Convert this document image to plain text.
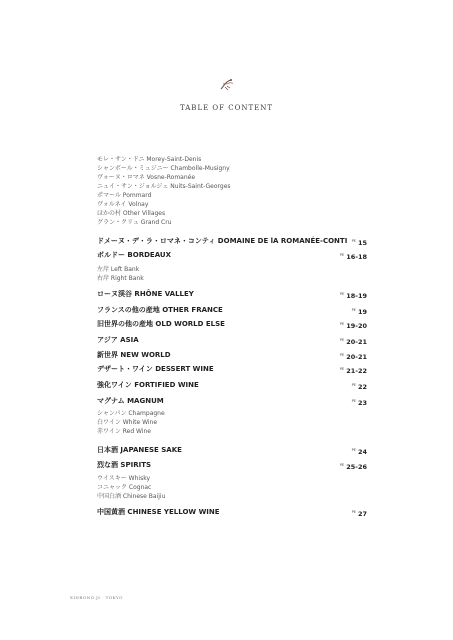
TABLE OF CONTENT
モレ・サン・ドニ Morey-Saint-Denis
シャンボール・ミュジニー Chambolle-Musigny
ヴォーヌ・ロマネ Vosne-Romanée
ニュイ・サン・ジョルジュ Nuits-Saint-Georges
ポマール Pommard
ヴォルネイ Volnay
ほかの村 Other Villages
グラン・クリュ Grand Cru
ドメーヌ・デ・ラ・ロマネ・コンティ DOMAINE DE lA ROMANÉE-CONTI $^{PE}$ 15
ボルドー BORDEAUX	$^{PE}$ 16-18
左岸 Left Bank
右岸 Right Bank
ローヌ渓谷 RHÔNE VALLEY	$^{PE}$ 18-19
フランスの他の産地 OTHER FRANCE	$^{PE}$ 19
旧世界の他の産地 OLD WORLD ELSE	$^{PE}$ 19-20
アジア ASIA	$^{PE}$ 20-21
新世界 NEW WORLD	$^{PE}$ 20-21
デザート・ワイン DESSERT WINE	$^{PE}$ 21-22
強化ワイン FORTIFIED WINE	$^{PE}$ 22
マグナム MAGNUM	$^{PE}$ 23
シャンパン Champagne
白ワイン White Wine
赤ワイン Red Wine
日本酒 JAPANESE SAKE	$^{PE}$ 24
烈な酒 SPIRITS	$^{PE}$ 25-26
ウイスキー Whisky
コニャック Cognac
中国白酒 Chinese Baijiu
中国黄酒 CHINESE YELLOW WINE	$^{PE}$ 27
XINRONG JI · TOKYO
